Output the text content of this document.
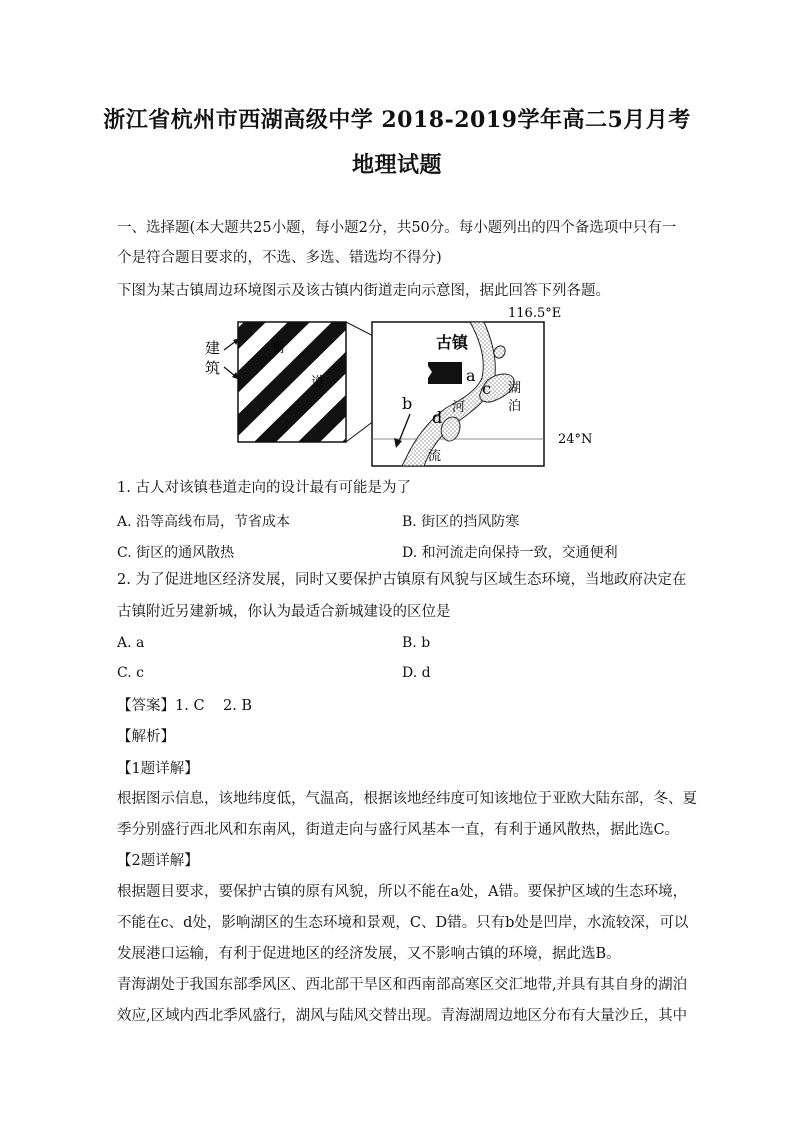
浙江省杭州市西湖高级中学 2018-2019学年高二5月月考
地理试题
一、选择题(本大题共25小题，每小题2分，共50分。每小题列出的四个备选项中只有一
个是符合题目要求的，不选、多选、错选均不得分)
下图为某古镇周边环境图示及该古镇内街道走向示意图，据此回答下列各题。
建
筑
街
道
古镇
116.5°E
24°N
a
b
c
d
湖
泊
河
流
1. 古人对该镇巷道走向的设计最有可能是为了
A. 沿等高线布局，节省成本	B. 街区的挡风防寒
C. 街区的通风散热	D. 和河流走向保持一致，交通便利
2. 为了促进地区经济发展，同时又要保护古镇原有风貌与区域生态环境，当地政府决定在
古镇附近另建新城，你认为最适合新城建设的区位是
A. a	B. b
C. c	D. d
【答案】1. C    2. B
【解析】
【1题详解】
根据图示信息，该地纬度低，气温高，根据该地经纬度可知该地位于亚欧大陆东部，冬、夏
季分别盛行西北风和东南风，街道走向与盛行风基本一直，有利于通风散热，据此选C。
【2题详解】
根据题目要求，要保护古镇的原有风貌，所以不能在a处，A错。要保护区域的生态环境，
不能在c、d处，影响湖区的生态环境和景观，C、D错。只有b处是凹岸，水流较深，可以
发展港口运输，有利于促进地区的经济发展，又不影响古镇的环境，据此选B。
青海湖处于我国东部季风区、西北部干旱区和西南部高寒区交汇地带,并具有其自身的湖泊
效应,区域内西北季风盛行，湖风与陆风交替出现。青海湖周边地区分布有大量沙丘，其中
